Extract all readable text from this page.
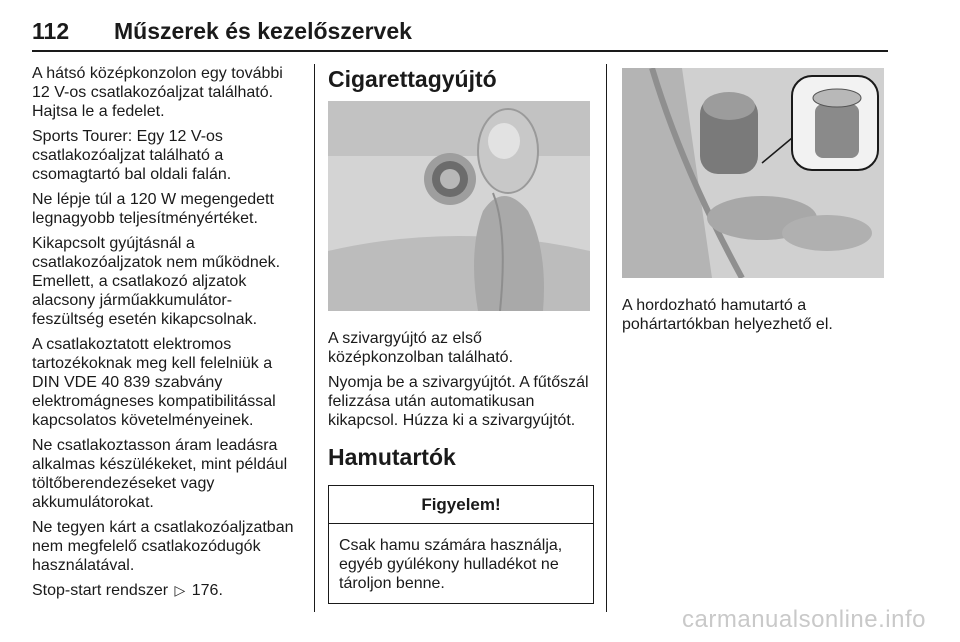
112 Műszerek és kezelőszervek

A hátsó középkonzolon egy további 12 V-os csatlakozóaljzat található. Hajtsa le a fedelet.

Sports Tourer: Egy 12 V-os csatlakozóaljzat található a csomagtartó bal oldali falán.

Ne lépje túl a 120 W megengedett legnagyobb teljesítményértéket.

Kikapcsolt gyújtásnál a csatlakozóaljzatok nem működnek. Emellett, a csatlakozó aljzatok alacsony járműakkumulátor-feszültség esetén kikapcsolnak.

A csatlakoztatott elektromos tartozékoknak meg kell felelniük a DIN VDE 40 839 szabvány elektromágneses kompatibilitással kapcsolatos követelményeinek.

Ne csatlakoztasson áram leadásra alkalmas készülékeket, mint például töltőberendezéseket vagy akkumulátorokat.

Ne tegyen kárt a csatlakozóaljzatban nem megfelelő csatlakozódugók használatával.

Stop-start rendszer ▷ 176.

Cigarettagyújtó

A szivargyújtó az első középkonzolban található.

Nyomja be a szivargyújtót. A fűtőszál felizzása után automatikusan kikapcsol. Húzza ki a szivargyújtót.

Hamutartók
Figyelem!
Csak hamu számára használja, egyéb gyúlékony hulladékot ne tároljon benne.

A hordozható hamutartó a pohártartókban helyezhető el.

carmanualsonline.info
